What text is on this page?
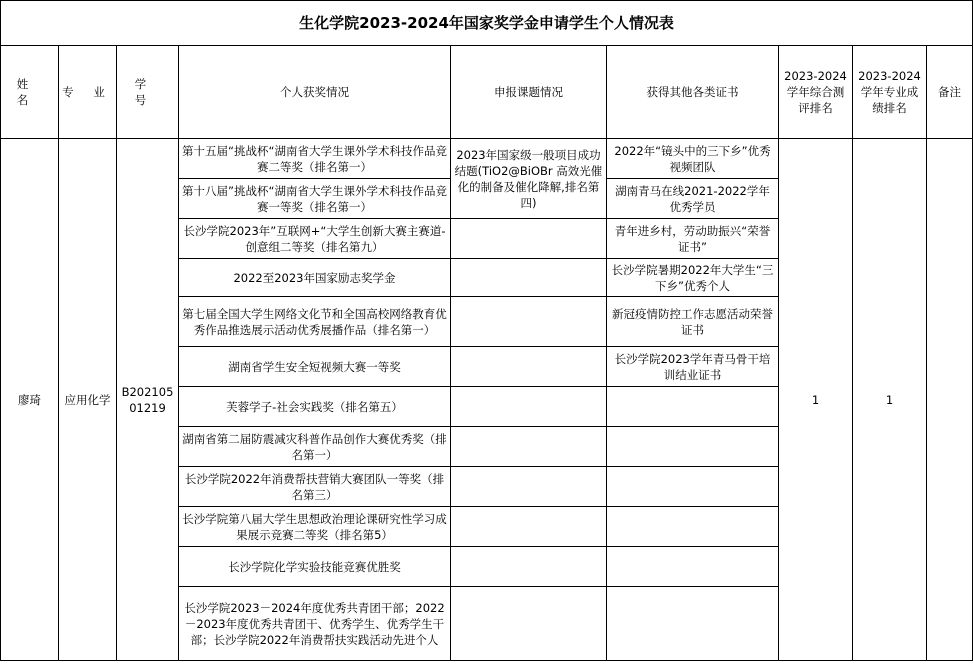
生化学院2023-2024年国家奖学金申请学生个人情况表								
姓 名	专 业	学 号	个人获奖情况	申报课题情况	获得其他各类证书	2023-2024学年综合测评排名	2023-2024学年专业成绩排名	备注
廖琦	应用化学	B20210501219	第十五届“挑战杯“湖南省大学生课外学术科技作品竞赛二等奖（排名第一）	2023年国家级一般项目成功结题(TiO2@BiOBr 高效光催化的制备及催化降解,排名第四)	2022年“镜头中的三下乡”优秀视频团队	1	1	
			第十八届”挑战杯“湖南省大学生课外学术科技作品竞赛一等奖（排名第一）		湖南青马在线2021-2022学年优秀学员			
			长沙学院2023年”互联网+“大学生创新大赛主赛道-创意组二等奖（排名第九）		青年进乡村，劳动助振兴“荣誉证书”			
			2022至2023年国家励志奖学金		长沙学院暑期2022年大学生“三下乡”优秀个人			
			第七届全国大学生网络文化节和全国高校网络教育优秀作品推选展示活动优秀展播作品（排名第一）		新冠疫情防控工作志愿活动荣誉证书			
			湖南省学生安全短视频大赛一等奖		长沙学院2023学年青马骨干培训结业证书			
			芙蓉学子-社会实践奖（排名第五）					
			湖南省第二届防震减灾科普作品创作大赛优秀奖（排名第一）					
			长沙学院2022年消费帮扶营销大赛团队一等奖（排名第三）					
			长沙学院第八届大学生思想政治理论课研究性学习成果展示竞赛二等奖（排名第5）					
			长沙学院化学实验技能竞赛优胜奖					
			长沙学院2023－2024年度优秀共青团干部；2022－2023年度优秀共青团干、优秀学生、优秀学生干部；长沙学院2022年消费帮扶实践活动先进个人					
